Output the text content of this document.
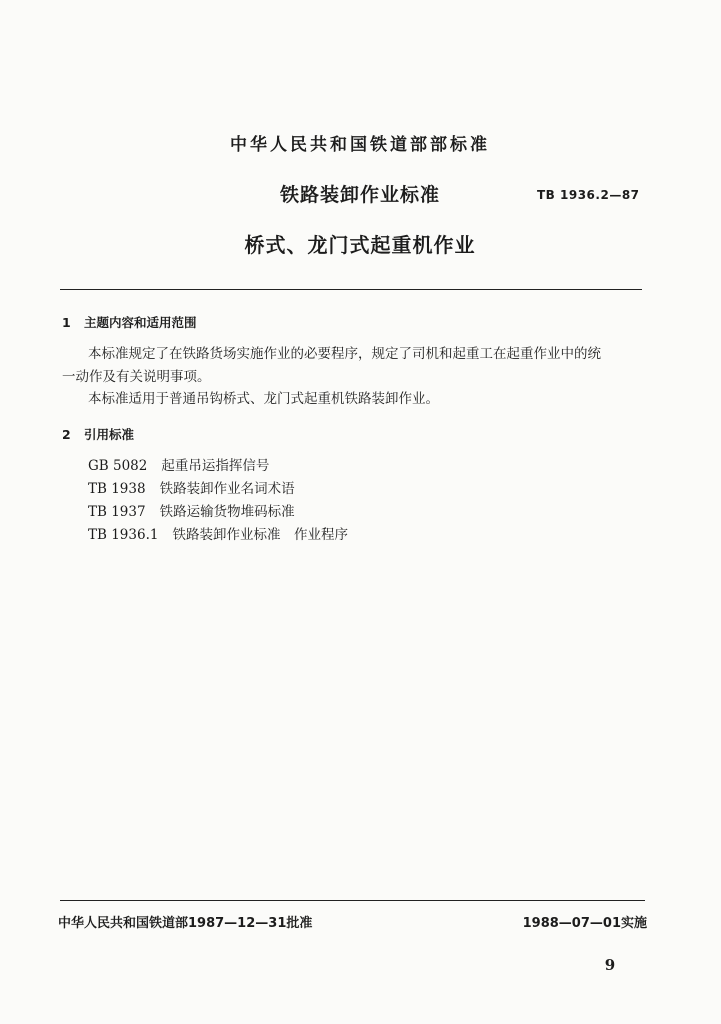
中华人民共和国铁道部部标准
铁路装卸作业标准	TB 1936.2—87
桥式、龙门式起重机作业
1 主题内容和适用范围
本标准规定了在铁路货场实施作业的必要程序，规定了司机和起重工在起重作业中的统
一动作及有关说明事项。
本标准适用于普通吊钩桥式、龙门式起重机铁路装卸作业。
2 引用标准
GB 5082 起重吊运指挥信号
TB 1938 铁路装卸作业名词术语
TB 1937 铁路运输货物堆码标准
TB 1936.1 铁路装卸作业标准　作业程序
中华人民共和国铁道部1987—12—31批准	1988—07—01实施
9
